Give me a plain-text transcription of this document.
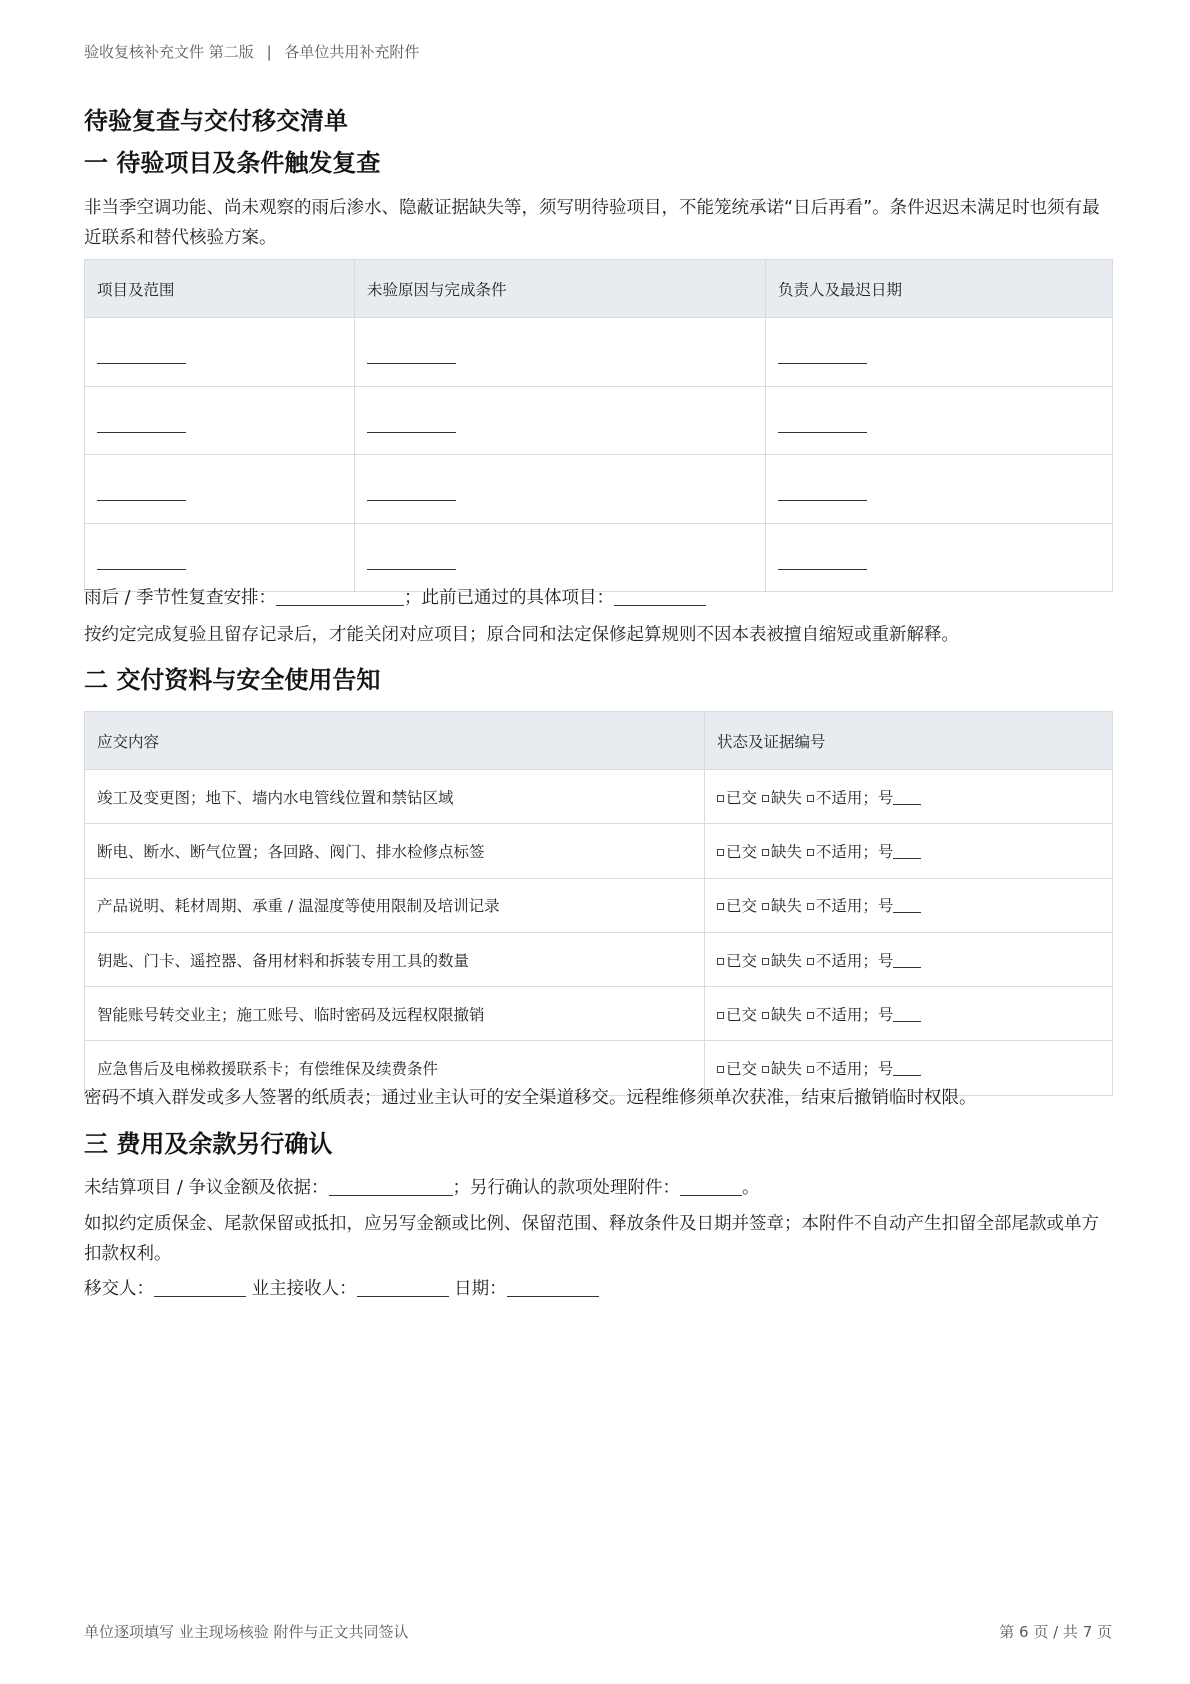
验收复核补充文件 第二版 | 各单位共用补充附件
待验复查与交付移交清单
一 待验项目及条件触发复查
非当季空调功能、尚未观察的雨后渗水、隐蔽证据缺失等，须写明待验项目，不能笼统承诺“日后再看”。条件迟迟未满足时也须有最近联系和替代核验方案。
项目及范围	未验原因与完成条件	负责人及最迟日期

雨后 / 季节性复查安排：	；此前已通过的具体项目：
按约定完成复验且留存记录后，才能关闭对应项目；原合同和法定保修起算规则不因本表被擅自缩短或重新解释。
二 交付资料与安全使用告知
应交内容	状态及证据编号
竣工及变更图；地下、墙内水电管线位置和禁钻区域	已交 缺失 不适用；号
断电、断水、断气位置；各回路、阀门、排水检修点标签	已交 缺失 不适用；号
产品说明、耗材周期、承重 / 温湿度等使用限制及培训记录	已交 缺失 不适用；号
钥匙、门卡、遥控器、备用材料和拆装专用工具的数量	已交 缺失 不适用；号
智能账号转交业主；施工账号、临时密码及远程权限撤销	已交 缺失 不适用；号
应急售后及电梯救援联系卡；有偿维保及续费条件	已交 缺失 不适用；号
密码不填入群发或多人签署的纸质表；通过业主认可的安全渠道移交。远程维修须单次获准，结束后撤销临时权限。
三 费用及余款另行确认
未结算项目 / 争议金额及依据：	；另行确认的款项处理附件：	。
如拟约定质保金、尾款保留或抵扣，应另写金额或比例、保留范围、释放条件及日期并签章；本附件不自动产生扣留全部尾款或单方扣款权利。
移交人：	业主接收人：	日期：
单位逐项填写 业主现场核验 附件与正文共同签认	第 6 页 / 共 7 页
